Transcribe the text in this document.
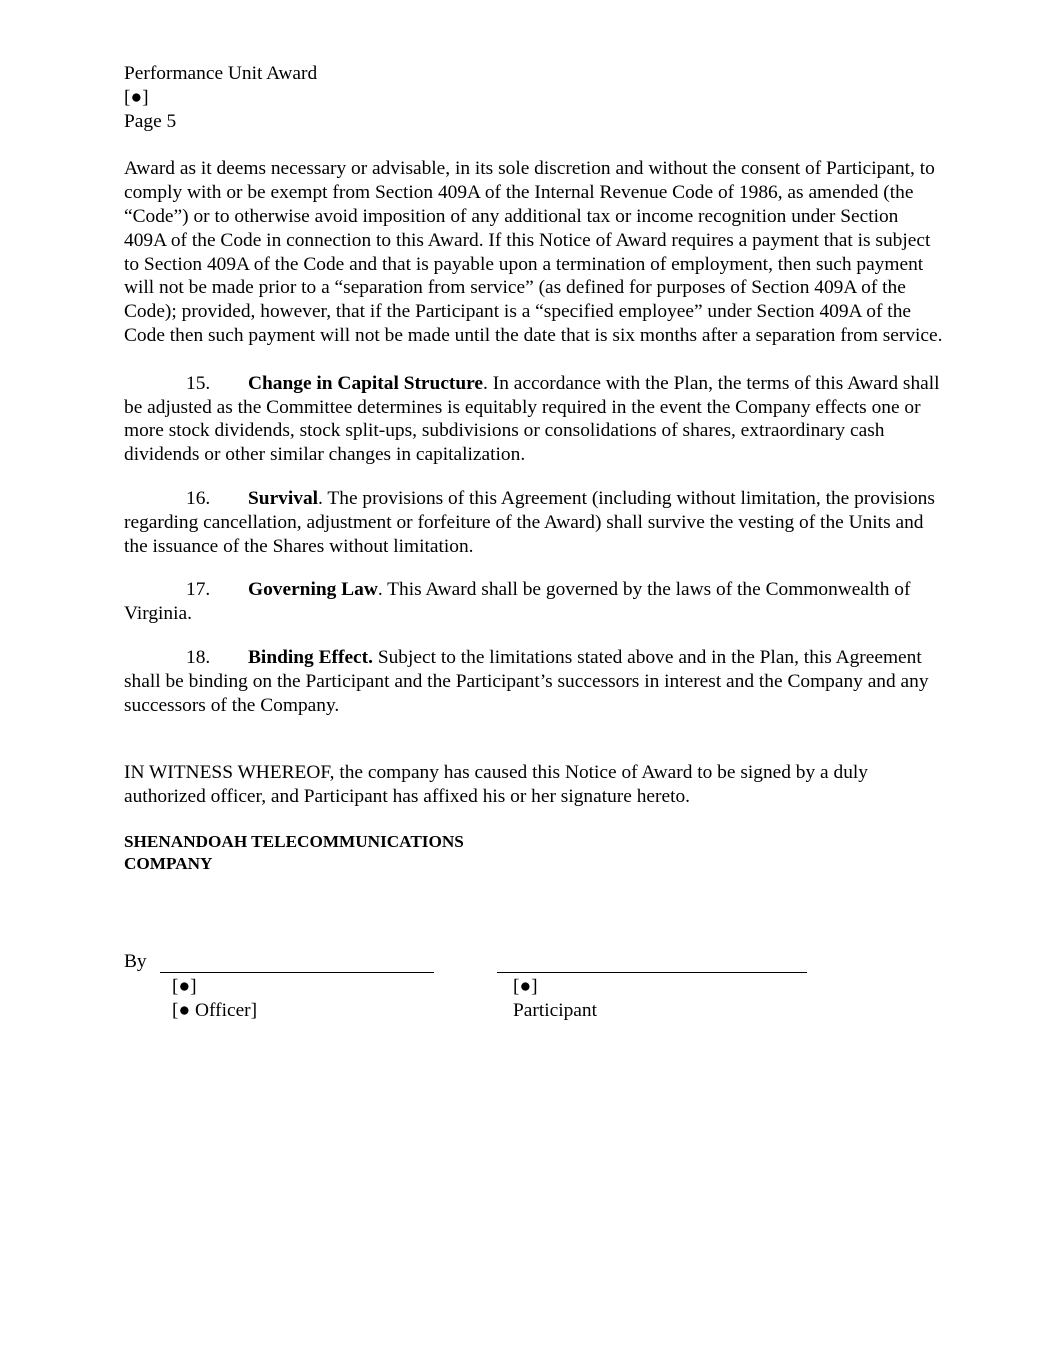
Performance Unit Award
[●]
Page 5

Award as it deems necessary or advisable, in its sole discretion and without the consent of Participant, to comply with or be exempt from Section 409A of the Internal Revenue Code of 1986, as amended (the “Code”) or to otherwise avoid imposition of any additional tax or income recognition under Section 409A of the Code in connection to this Award. If this Notice of Award requires a payment that is subject to Section 409A of the Code and that is payable upon a termination of employment, then such payment will not be made prior to a “separation from service” (as defined for purposes of Section 409A of the Code); provided, however, that if the Participant is a “specified employee” under Section 409A of the Code then such payment will not be made until the date that is six months after a separation from service.

15. Change in Capital Structure. In accordance with the Plan, the terms of this Award shall be adjusted as the Committee determines is equitably required in the event the Company effects one or more stock dividends, stock split-ups, subdivisions or consolidations of shares, extraordinary cash dividends or other similar changes in capitalization.

16. Survival. The provisions of this Agreement (including without limitation, the provisions regarding cancellation, adjustment or forfeiture of the Award) shall survive the vesting of the Units and the issuance of the Shares without limitation.

17. Governing Law. This Award shall be governed by the laws of the Commonwealth of Virginia.

18. Binding Effect. Subject to the limitations stated above and in the Plan, this Agreement shall be binding on the Participant and the Participant’s successors in interest and the Company and any successors of the Company.

IN WITNESS WHEREOF, the company has caused this Notice of Award to be signed by a duly authorized officer, and Participant has affixed his or her signature hereto.

SHENANDOAH TELECOMMUNICATIONS
COMPANY
By
[●]
[● Officer]
[●]
Participant
